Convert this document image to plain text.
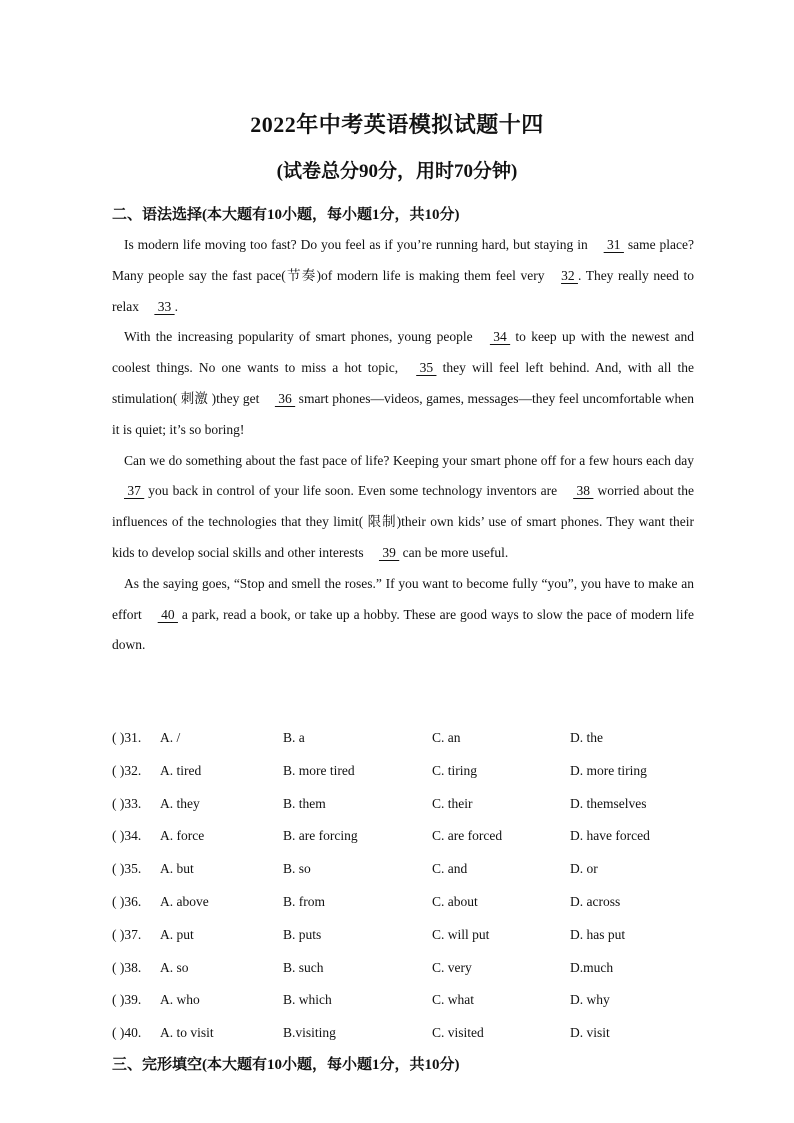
2022年中考英语模拟试题十四
(试卷总分90分，用时70分钟)
二、语法选择(本大题有10小题，每小题1分，共10分)

Is modern life moving too fast? Do you feel as if you’re running hard, but staying in  31  same place? Many people say the fast pace(节奏)of modern life is making them feel very 32 . They really need to relax  33 .

With the increasing popularity of smart phones, young people  34  to keep up with the newest and coolest things. No one wants to miss a hot topic,  35  they will feel left behind. And, with all the stimulation( 刺激 )they get  36  smart phones—videos, games, messages—they feel uncomfortable when it is quiet; it’s so boring!

Can we do something about the fast pace of life? Keeping your smart phone off for a few hours each day  37  you back in control of your life soon. Even some technology inventors are  38  worried about the influences of the technologies that they limit( 限制)their own kids’ use of smart phones. They want their kids to develop social skills and other interests  39  can be more useful.

As the saying goes, “Stop and smell the roses.” If you want to become fully “you”, you have to make an effort  40  a park, read a book, or take up a hobby. These are good ways to slow the pace of modern life down.

( )31. A. /	B. a	C. an	D. the
( )32. A. tired	B. more tired	C. tiring	D. more tiring
( )33. A. they	B. them	C. their	D. themselves
( )34. A. force	B. are forcing	C. are forced	D. have forced
( )35. A. but	B. so	C. and	D. or
( )36. A. above	B. from	C. about	D. across
( )37. A. put	B. puts	C. will put	D. has put
( )38. A. so	B. such	C. very	D.much
( )39. A. who	B. which	C. what	D. why
( )40. A. to visit	B.visiting	C. visited	D. visit
三、完形填空(本大题有10小题，每小题1分，共10分)
